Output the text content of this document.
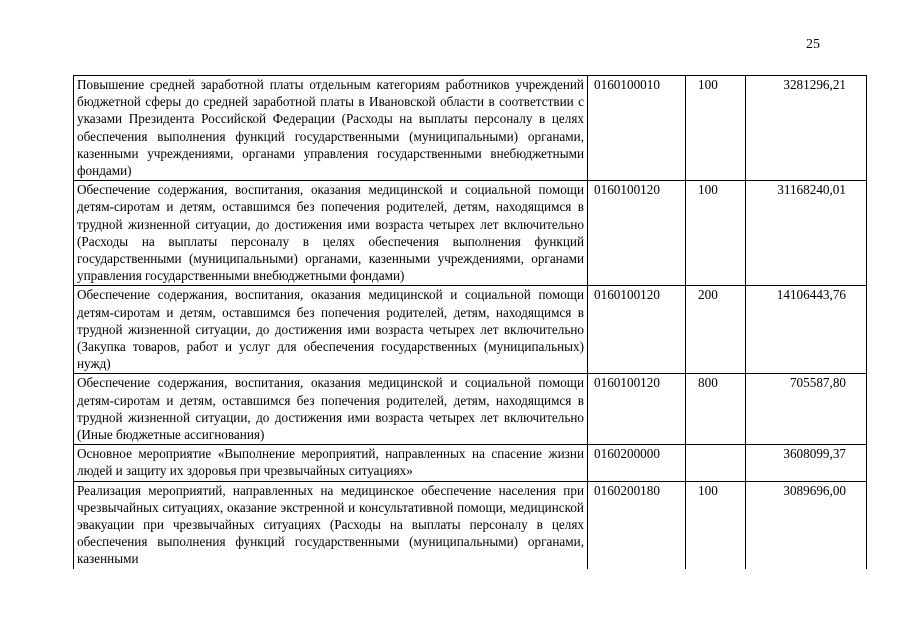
25
Повышение средней заработной платы отдельным категориям работников учреждений бюджетной сферы до средней заработной платы в Ивановской области в соответствии с указами Президента Российской Федерации (Расходы на выплаты персоналу в целях обеспечения выполнения функций государственными (муниципальными) органами, казенными учреждениями, органами управления государственными внебюджетными фондами)	0160100010	100	3281296,21
Обеспечение содержания, воспитания, оказания медицинской и социальной помощи детям-сиротам и детям, оставшимся без попечения родителей, детям, находящимся в трудной жизненной ситуации, до достижения ими возраста четырех лет включительно (Расходы на выплаты персоналу в целях обеспечения выполнения функций государственными (муниципальными) органами, казенными учреждениями, органами управления государственными внебюджетными фондами)	0160100120	100	31168240,01
Обеспечение содержания, воспитания, оказания медицинской и социальной помощи детям-сиротам и детям, оставшимся без попечения родителей, детям, находящимся в трудной жизненной ситуации, до достижения ими возраста четырех лет включительно (Закупка товаров, работ и услуг для обеспечения государственных (муниципальных) нужд)	0160100120	200	14106443,76
Обеспечение содержания, воспитания, оказания медицинской и социальной помощи детям-сиротам и детям, оставшимся без попечения родителей, детям, находящимся в трудной жизненной ситуации, до достижения ими возраста четырех лет включительно (Иные бюджетные ассигнования)	0160100120	800	705587,80
Основное мероприятие «Выполнение мероприятий, направленных на спасение жизни людей и защиту их здоровья при чрезвычайных ситуациях»	0160200000		3608099,37
Реализация мероприятий, направленных на медицинское обеспечение населения при чрезвычайных ситуациях, оказание экстренной и консультативной помощи, медицинской эвакуации при чрезвычайных ситуациях (Расходы на выплаты персоналу в целях обеспечения выполнения функций государственными (муниципальными) органами, казенными	0160200180	100	3089696,00
